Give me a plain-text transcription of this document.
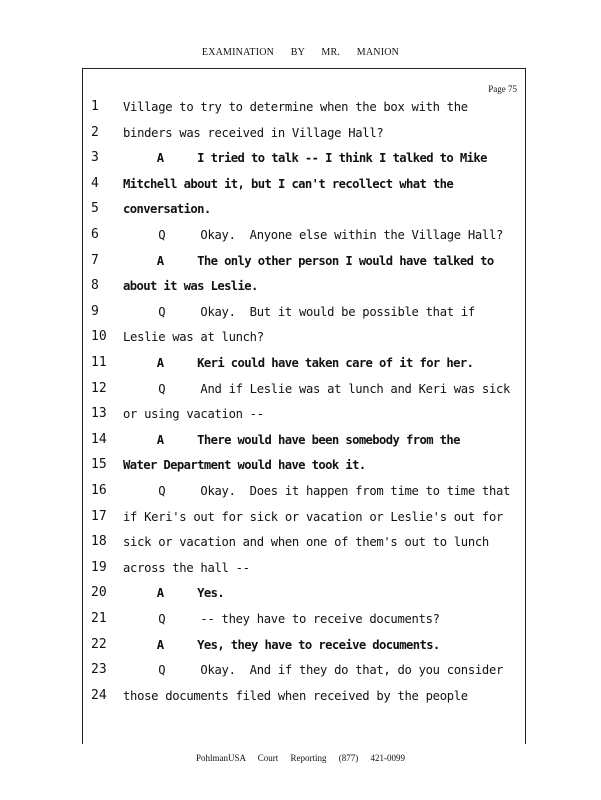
EXAMINATION BY MR. MANION
Page 75
1	Village to try to determine when the box with the
2	binders was received in Village Hall?
3	A     I tried to talk -- I think I talked to Mike
4	Mitchell about it, but I can't recollect what the
5	conversation.
6	Q     Okay.  Anyone else within the Village Hall?
7	A     The only other person I would have talked to
8	about it was Leslie.
9	Q     Okay.  But it would be possible that if
10	Leslie was at lunch?
11	A     Keri could have taken care of it for her.
12	Q     And if Leslie was at lunch and Keri was sick
13	or using vacation --
14	A     There would have been somebody from the
15	Water Department would have took it.
16	Q     Okay.  Does it happen from time to time that
17	if Keri's out for sick or vacation or Leslie's out for
18	sick or vacation and when one of them's out to lunch
19	across the hall --
20	A     Yes.
21	Q     -- they have to receive documents?
22	A     Yes, they have to receive documents.
23	Q     Okay.  And if they do that, do you consider
24	those documents filed when received by the people
PohlmanUSA Court Reporting (877) 421-0099
